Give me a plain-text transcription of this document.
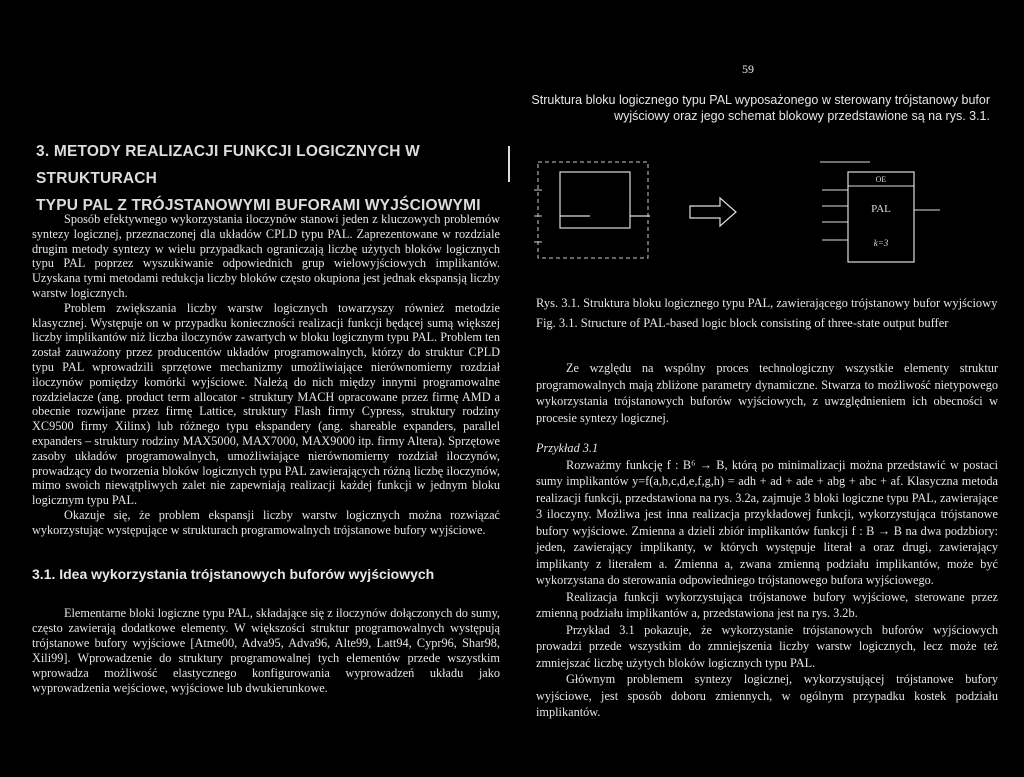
59
Struktura bloku logicznego typu PAL wyposażonego w sterowany trójstanowy bufor wyjściowy oraz jego schemat blokowy przedstawione są na rys. 3.1.
3. METODY REALIZACJI FUNKCJI LOGICZNYCH W STRUKTURACH
TYPU PAL Z TRÓJSTANOWYMI BUFORAMI WYJŚCIOWYMI

Sposób efektywnego wykorzystania iloczynów stanowi jeden z kluczowych problemów syntezy logicznej, przeznaczonej dla układów CPLD typu PAL. Zaprezentowane w rozdziale drugim metody syntezy w wielu przypadkach ograniczają liczbę użytych bloków logicznych typu PAL poprzez wyszukiwanie odpowiednich grup wielowyjściowych implikantów. Uzyskana tymi metodami redukcja liczby bloków często okupiona jest jednak ekspansją liczby warstw logicznych.

Problem zwiększania liczby warstw logicznych towarzyszy również metodzie klasycznej. Występuje on w przypadku konieczności realizacji funkcji będącej sumą większej liczby implikantów niż liczba iloczynów zawartych w bloku logicznym typu PAL. Problem ten został zauważony przez producentów układów programowalnych, którzy do struktur CPLD typu PAL wprowadzili sprzętowe mechanizmy umożliwiające nierównomierny rozdział iloczynów pomiędzy komórki wyjściowe. Należą do nich między innymi programowalne rozdzielacze (ang. product term allocator - struktury MACH opracowane przez firmę AMD a obecnie rozwijane przez firmę Lattice, struktury Flash firmy Cypress, struktury rodziny XC9500 firmy Xilinx) lub różnego typu ekspandery (ang. shareable expanders, parallel expanders – struktury rodziny MAX5000, MAX7000, MAX9000 itp. firmy Altera). Sprzętowe zasoby układów programowalnych, umożliwiające nierównomierny rozdział iloczynów, prowadzący do tworzenia bloków logicznych typu PAL zawierających różną liczbę iloczynów, mimo swoich niewątpliwych zalet nie zapewniają realizacji każdej funkcji w jednym bloku logicznym typu PAL.

Okazuje się, że problem ekspansji liczby warstw logicznych można rozwiązać wykorzystując występujące w strukturach programowalnych trójstanowe bufory wyjściowe.

3.1. Idea wykorzystania trójstanowych buforów wyjściowych
Elementarne bloki logiczne typu PAL, składające się z iloczynów dołączonych do sumy, często zawierają dodatkowe elementy. W większości struktur programowalnych występują trójstanowe bufory wyjściowe [Atme00, Adva95, Adva96, Alte99, Latt94, Cypr96, Shar98, Xili99]. Wprowadzenie do struktury programowalnej tych elementów przede wszystkim wprowadza możliwość elastycznego konfigurowania wyprowadzeń układu jako wyprowadzenia wejściowe, wyjściowe lub dwukierunkowe.
OE
PAL
k=3
Rys. 3.1. Struktura bloku logicznego typu PAL, zawierającego trójstanowy bufor wyjściowy
Fig. 3.1. Structure of PAL-based logic block consisting of three-state output buffer

Ze względu na wspólny proces technologiczny wszystkie elementy struktur programowalnych mają zbliżone parametry dynamiczne. Stwarza to możliwość nietypowego wykorzystania trójstanowych buforów wyjściowych, z uwzględnieniem ich obecności w procesie syntezy logicznej.

Przykład 3.1

Rozważmy funkcję f : B⁶ → B, którą po minimalizacji można przedstawić w postaci sumy implikantów y=f(a,b,c,d,e,f,g,h) = adh + ad + ade + abg + abc + af. Klasyczna metoda realizacji funkcji, przedstawiona na rys. 3.2a, zajmuje 3 bloki logiczne typu PAL, zawierające 3 iloczyny. Możliwa jest inna realizacja przykładowej funkcji, wykorzystująca trójstanowe bufory wyjściowe. Zmienna a dzieli zbiór implikantów funkcji f : B → B na dwa podzbiory: jeden, zawierający implikanty, w których występuje literał a oraz drugi, zawierający implikanty z literałem a. Zmienna a, zwana zmienną podziału implikantów, może być wykorzystana do sterowania odpowiedniego trójstanowego bufora wyjściowego.

Realizacja funkcji wykorzystująca trójstanowe bufory wyjściowe, sterowane przez zmienną podziału implikantów a, przedstawiona jest na rys. 3.2b.

Przykład 3.1 pokazuje, że wykorzystanie trójstanowych buforów wyjściowych prowadzi przede wszystkim do zmniejszenia liczby warstw logicznych, lecz może też zmniejszać liczbę użytych bloków logicznych typu PAL.

Głównym problemem syntezy logicznej, wykorzystującej trójstanowe bufory wyjściowe, jest sposób doboru zmiennych, w ogólnym przypadku kostek podziału implikantów.
